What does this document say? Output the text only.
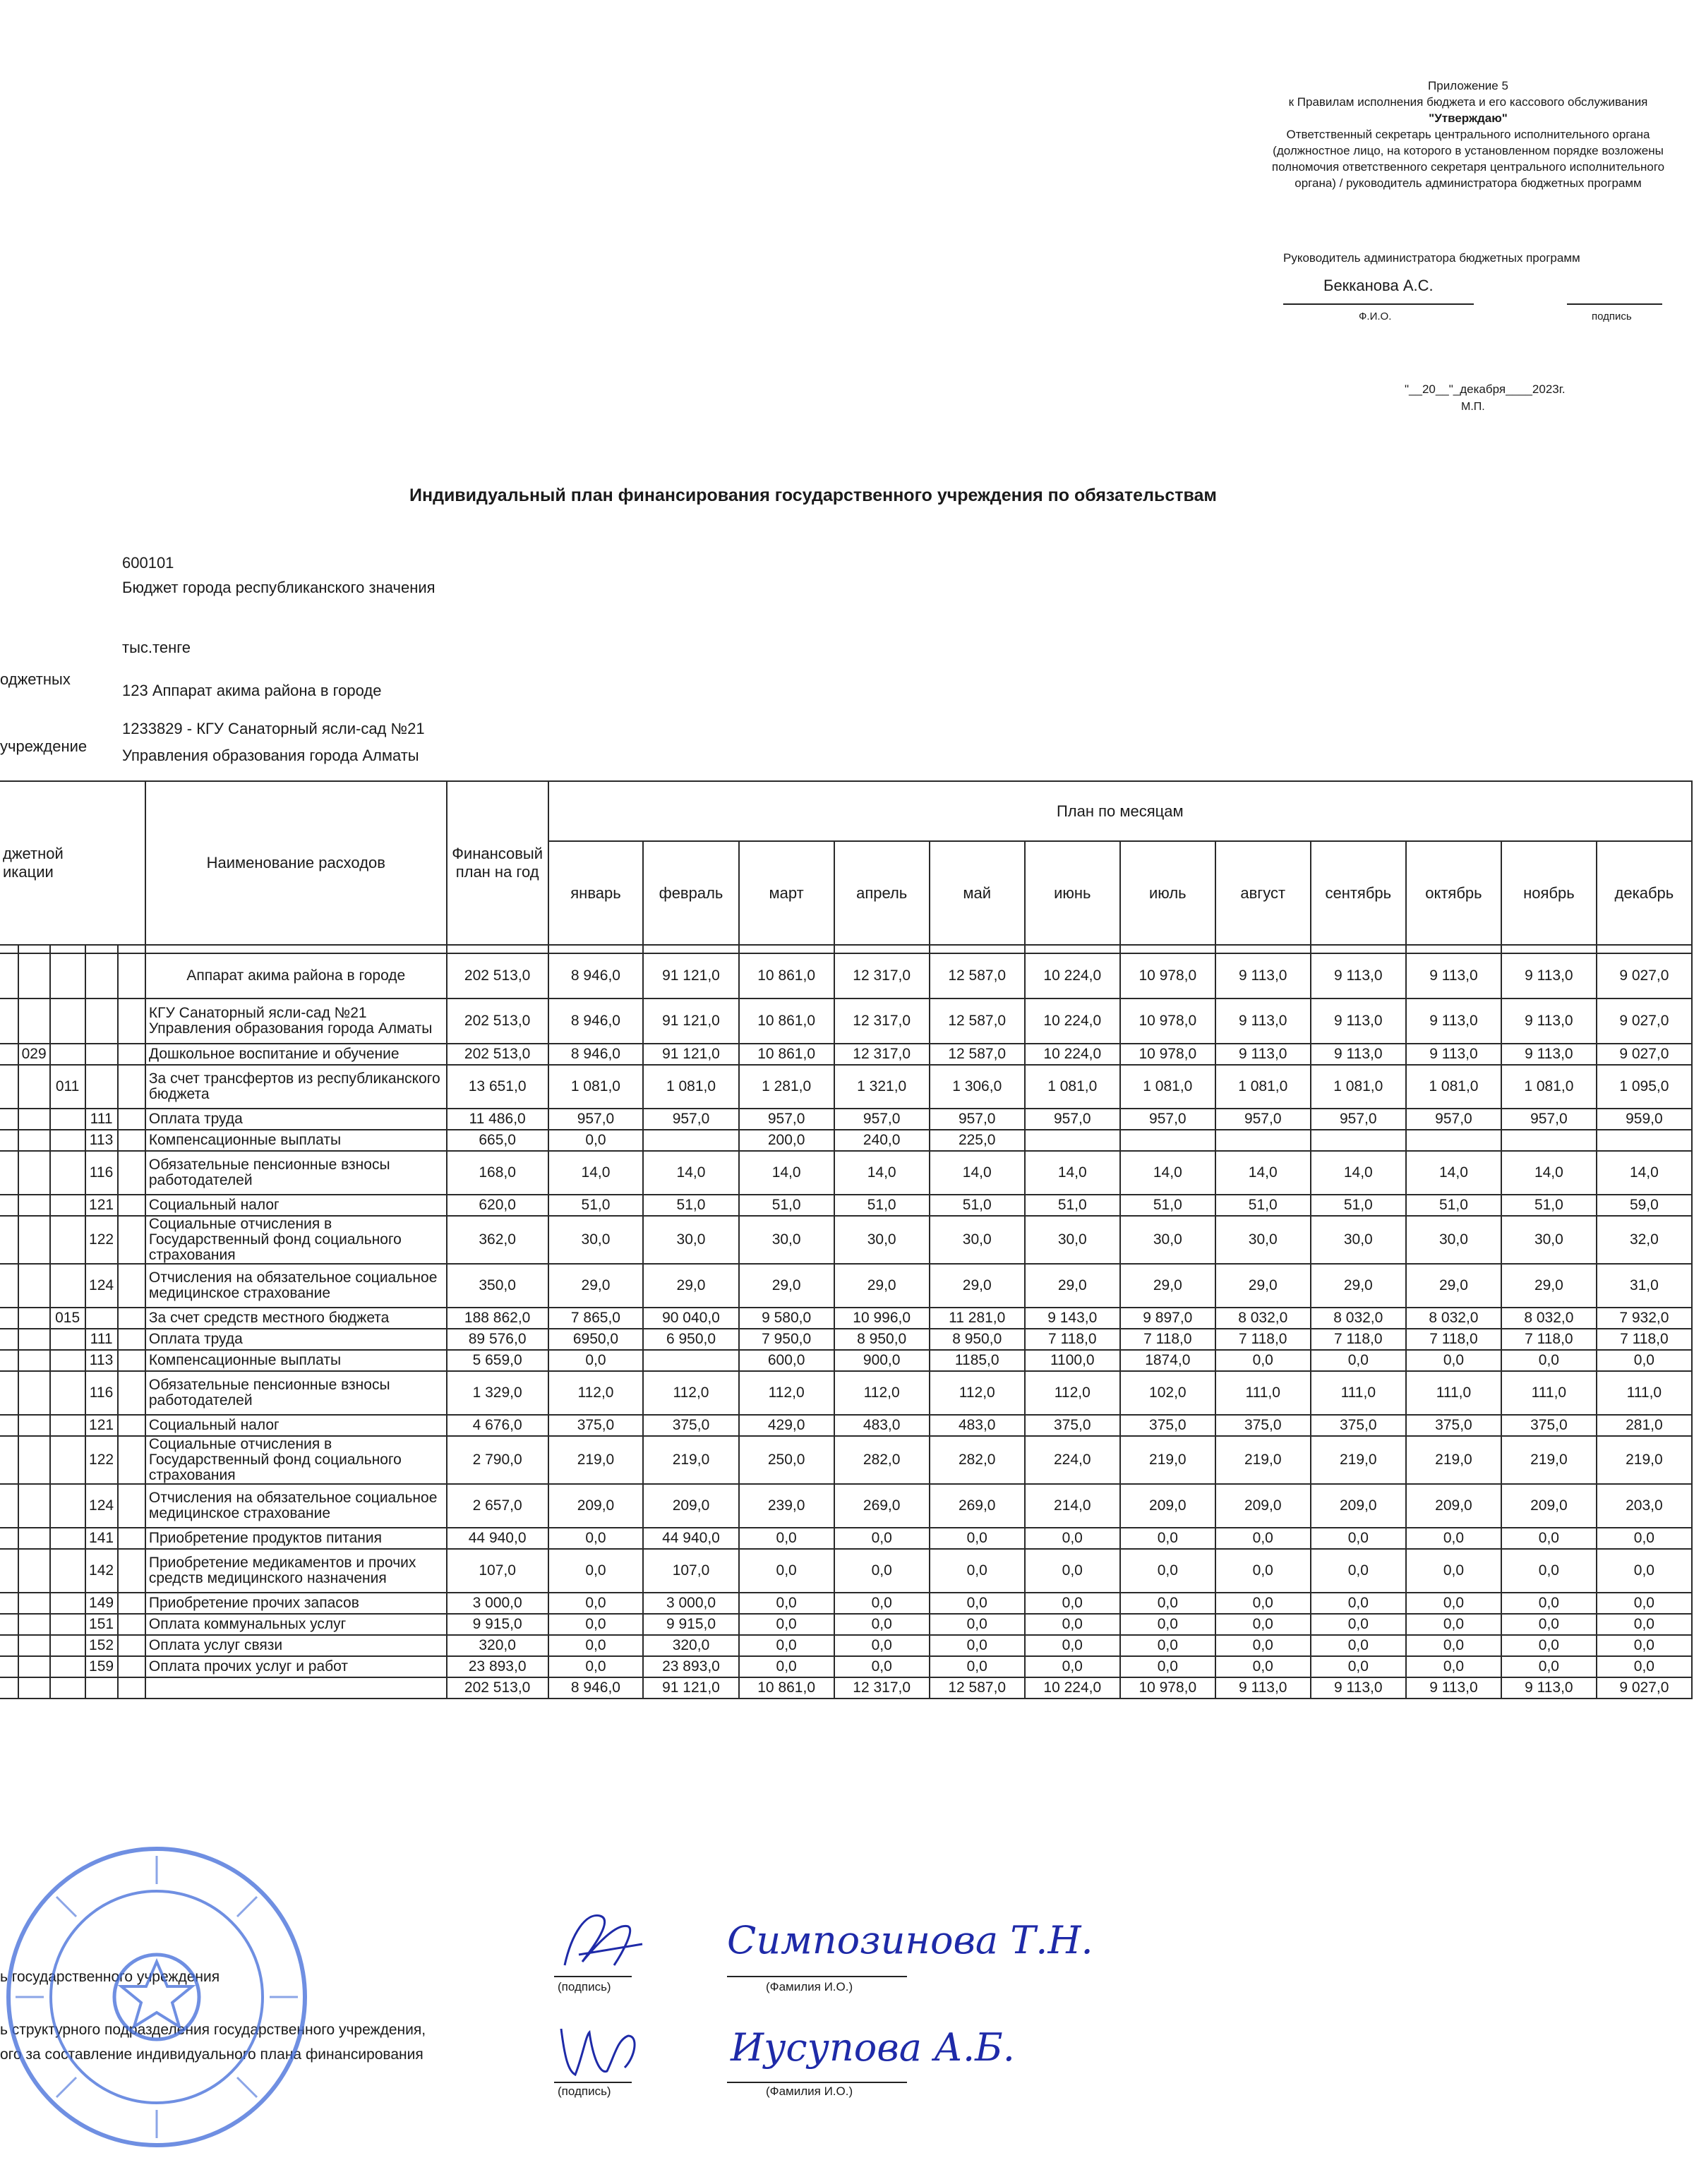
Приложение 5
к Правилам исполнения бюджета и его кассового обслуживания
"Утверждаю"
Ответственный секретарь центрального исполнительного органа
(должностное лицо, на которого в установленном порядке возложены
полномочия ответственного секретаря центрального исполнительного
органа) / руководитель администратора бюджетных программ
Руководитель администратора бюджетных программ
Бекканова А.С.
Ф.И.О.	подпись
"__20__"_декабря____2023г.
М.П.
Индивидуальный план финансирования государственного учреждения по обязательствам
600101
Бюджет города республиканского значения
тыс.тенге
оджетных
123 Аппарат акима района в городе
учреждение
1233829 - КГУ Санаторный ясли-сад №21
Управления образования города Алматы
джетной
икации					Наименование расходов	Финансовый план на год	План по месяцам											
							январь	февраль	март	апрель	май	июнь	июль	август	сентябрь	октябрь	ноябрь	декабрь

					Аппарат акима района в городе	202 513,0	8 946,0	91 121,0	10 861,0	12 317,0	12 587,0	10 224,0	10 978,0	9 113,0	9 113,0	9 113,0	9 113,0	9 027,0
					КГУ Санаторный ясли-сад №21 Управления образования города Алматы	202 513,0	8 946,0	91 121,0	10 861,0	12 317,0	12 587,0	10 224,0	10 978,0	9 113,0	9 113,0	9 113,0	9 113,0	9 027,0
	029				Дошкольное воспитание и обучение	202 513,0	8 946,0	91 121,0	10 861,0	12 317,0	12 587,0	10 224,0	10 978,0	9 113,0	9 113,0	9 113,0	9 113,0	9 027,0
		011			За счет трансфертов из республиканского бюджета	13 651,0	1 081,0	1 081,0	1 281,0	1 321,0	1 306,0	1 081,0	1 081,0	1 081,0	1 081,0	1 081,0	1 081,0	1 095,0
			111		Оплата труда	11 486,0	957,0	957,0	957,0	957,0	957,0	957,0	957,0	957,0	957,0	957,0	957,0	959,0
			113		Компенсационные выплаты	665,0	0,0		200,0	240,0	225,0							
			116		Обязательные пенсионные взносы работодателей	168,0	14,0	14,0	14,0	14,0	14,0	14,0	14,0	14,0	14,0	14,0	14,0	14,0
			121		Социальный налог	620,0	51,0	51,0	51,0	51,0	51,0	51,0	51,0	51,0	51,0	51,0	51,0	59,0
			122		Социальные отчисления в Государственный фонд социального страхования	362,0	30,0	30,0	30,0	30,0	30,0	30,0	30,0	30,0	30,0	30,0	30,0	32,0
			124		Отчисления на обязательное социальное медицинское страхование	350,0	29,0	29,0	29,0	29,0	29,0	29,0	29,0	29,0	29,0	29,0	29,0	31,0
		015			За счет средств местного бюджета	188 862,0	7 865,0	90 040,0	9 580,0	10 996,0	11 281,0	9 143,0	9 897,0	8 032,0	8 032,0	8 032,0	8 032,0	7 932,0
			111		Оплата труда	89 576,0	6950,0	6 950,0	7 950,0	8 950,0	8 950,0	7 118,0	7 118,0	7 118,0	7 118,0	7 118,0	7 118,0	7 118,0
			113		Компенсационные выплаты	5 659,0	0,0		600,0	900,0	1185,0	1100,0	1874,0	0,0	0,0	0,0	0,0	0,0
			116		Обязательные пенсионные взносы работодателей	1 329,0	112,0	112,0	112,0	112,0	112,0	112,0	102,0	111,0	111,0	111,0	111,0	111,0
			121		Социальный налог	4 676,0	375,0	375,0	429,0	483,0	483,0	375,0	375,0	375,0	375,0	375,0	375,0	281,0
			122		Социальные отчисления в Государственный фонд социального страхования	2 790,0	219,0	219,0	250,0	282,0	282,0	224,0	219,0	219,0	219,0	219,0	219,0	219,0
			124		Отчисления на обязательное социальное медицинское страхование	2 657,0	209,0	209,0	239,0	269,0	269,0	214,0	209,0	209,0	209,0	209,0	209,0	203,0
			141		Приобретение продуктов питания	44 940,0	0,0	44 940,0	0,0	0,0	0,0	0,0	0,0	0,0	0,0	0,0	0,0	0,0
			142		Приобретение медикаментов и прочих средств медицинского назначения	107,0	0,0	107,0	0,0	0,0	0,0	0,0	0,0	0,0	0,0	0,0	0,0	0,0
			149		Приобретение прочих запасов	3 000,0	0,0	3 000,0	0,0	0,0	0,0	0,0	0,0	0,0	0,0	0,0	0,0	0,0
			151		Оплата коммунальных услуг	9 915,0	0,0	9 915,0	0,0	0,0	0,0	0,0	0,0	0,0	0,0	0,0	0,0	0,0
			152		Оплата услуг связи	320,0	0,0	320,0	0,0	0,0	0,0	0,0	0,0	0,0	0,0	0,0	0,0	0,0
			159		Оплата прочих услуг и работ	23 893,0	0,0	23 893,0	0,0	0,0	0,0	0,0	0,0	0,0	0,0	0,0	0,0	0,0
						202 513,0	8 946,0	91 121,0	10 861,0	12 317,0	12 587,0	10 224,0	10 978,0	9 113,0	9 113,0	9 113,0	9 113,0	9 027,0
ь государственного учреждения
(подпись)	(Фамилия И.О.)
Симпозинова Т.Н.
ь структурного подразделения государственного учреждения,
ого за составление индивидуального плана финансирования
(подпись)	(Фамилия И.О.)
Иусупова А.Б.
